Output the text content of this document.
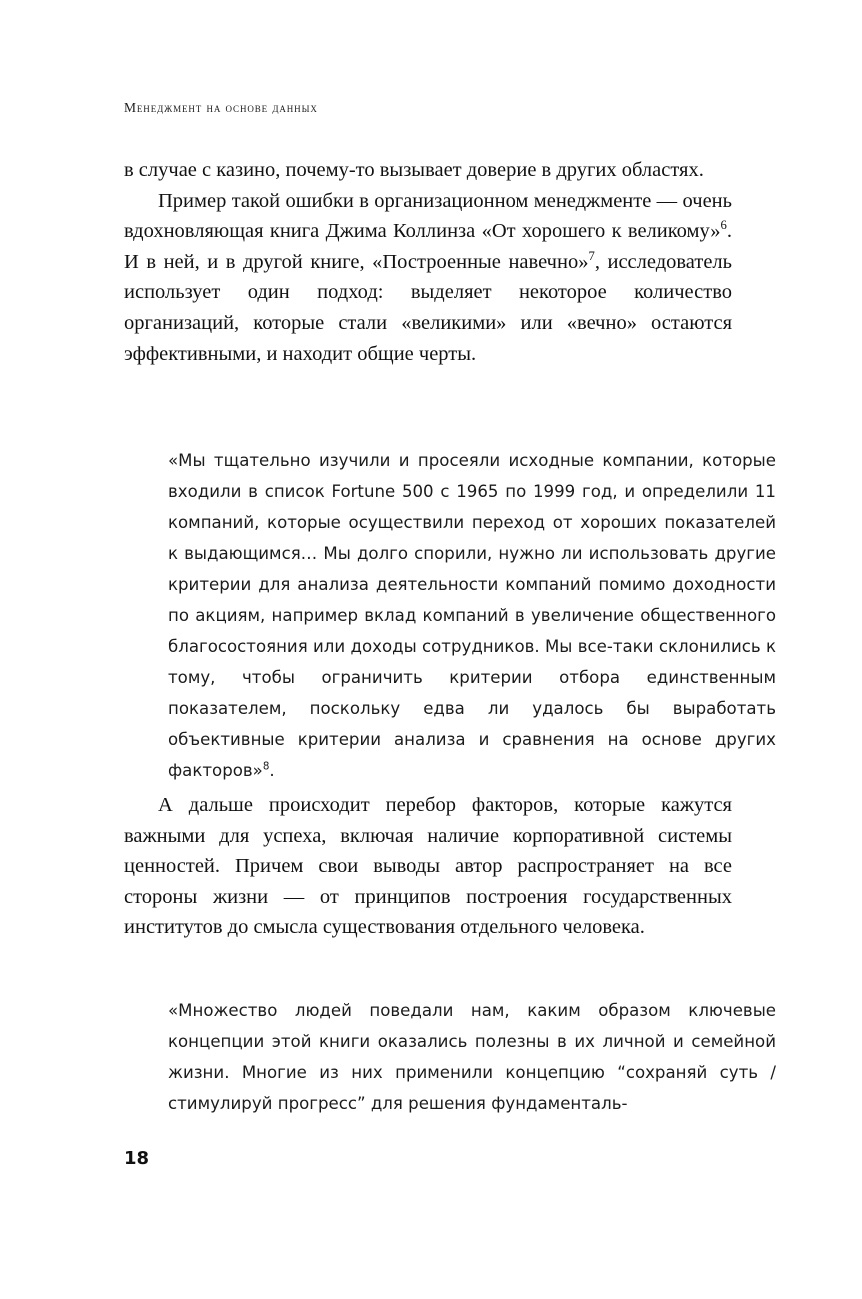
Менеджмент на основе данных

в случае с казино, почему-то вызывает доверие в других областях.

Пример такой ошибки в организационном менеджменте — очень вдохновляющая книга Джима Коллинза «От хорошего к великому»$^6$. И в ней, и в другой книге, «Построенные навечно»$^7$, исследователь использует один подход: выделяет некоторое количество организаций, которые стали «великими» или «вечно» остаются эффективными, и находит общие черты.

«Мы тщательно изучили и просеяли исходные компании, которые входили в список Fortune 500 с 1965 по 1999 год, и определили 11 компаний, которые осуществили переход от хороших показателей к выдающимся… Мы долго спорили, нужно ли использовать другие критерии для анализа деятельности компаний помимо доходности по акциям, например вклад компаний в увеличение общественного благосостояния или доходы сотрудников. Мы все-таки склонились к тому, чтобы ограничить критерии отбора единственным показателем, поскольку едва ли удалось бы выработать объективные критерии анализа и сравнения на основе других факторов»$^8$.

А дальше происходит перебор факторов, которые кажутся важными для успеха, включая наличие корпоративной системы ценностей. Причем свои выводы автор распространяет на все стороны жизни — от принципов построения государственных институтов до смысла существования отдельного человека.

«Множество людей поведали нам, каким образом ключевые концепции этой книги оказались полезны в их личной и семейной жизни. Многие из них применили концепцию “сохраняй суть / стимулируй прогресс” для решения фундаменталь-

18
